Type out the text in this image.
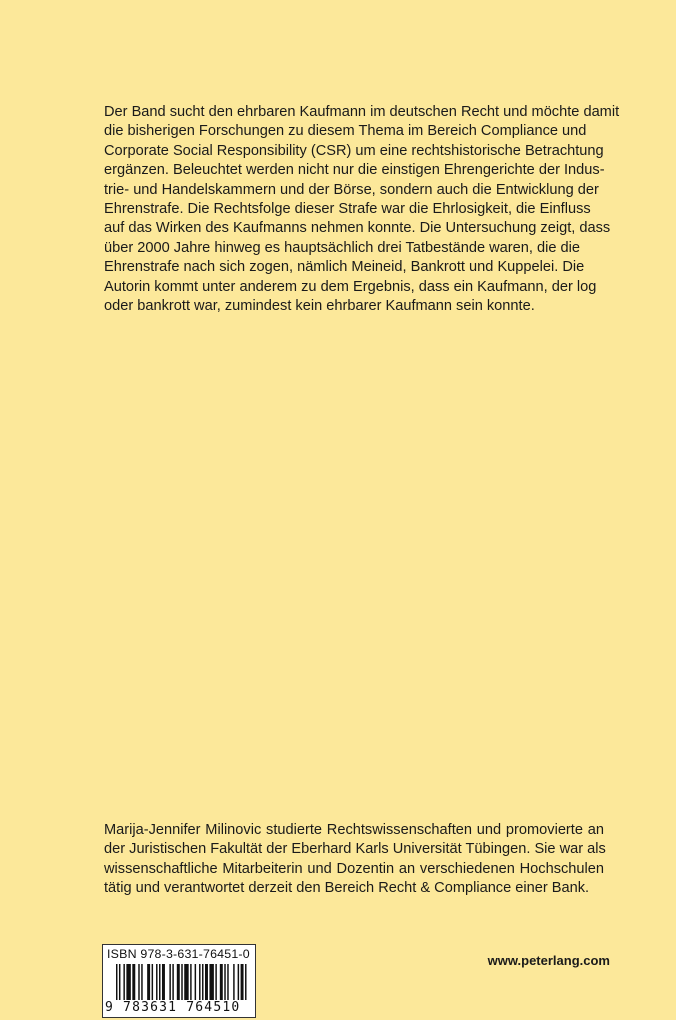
Der Band sucht den ehrbaren Kaufmann im deutschen Recht und möchte damit
die bisherigen Forschungen zu diesem Thema im Bereich Compliance und
Corporate Social Responsibility (CSR) um eine rechtshistorische Betrachtung
ergänzen. Beleuchtet werden nicht nur die einstigen Ehrengerichte der Indus-
trie- und Handelskammern und der Börse, sondern auch die Entwicklung der
Ehrenstrafe. Die Rechtsfolge dieser Strafe war die Ehrlosigkeit, die Einfluss
auf das Wirken des Kaufmanns nehmen konnte. Die Untersuchung zeigt, dass
über 2000 Jahre hinweg es hauptsächlich drei Tatbestände waren, die die
Ehrenstrafe nach sich zogen, nämlich Meineid, Bankrott und Kuppelei. Die
Autorin kommt unter anderem zu dem Ergebnis, dass ein Kaufmann, der log
oder bankrott war, zumindest kein ehrbarer Kaufmann sein konnte.
Marija-Jennifer Milinovic studierte Rechtswissenschaften und promovierte an
der Juristischen Fakultät der Eberhard Karls Universität Tübingen. Sie war als
wissenschaftliche Mitarbeiterin und Dozentin an verschiedenen Hochschulen
tätig und verantwortet derzeit den Bereich Recht & Compliance einer Bank.
ISBN 978-3-631-76451-0
9 783631 764510
www.peterlang.com
